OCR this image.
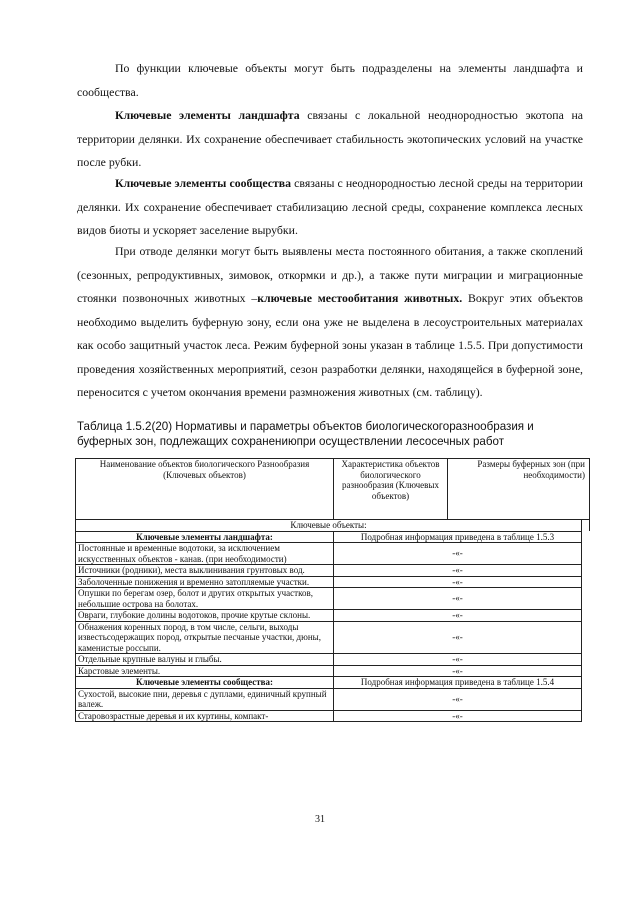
По функции ключевые объекты могут быть подразделены на элементы ландшафта и сообщества.

Ключевые элементы ландшафта связаны с локальной неоднородностью экотопа на территории делянки. Их сохранение обеспечивает стабильность экотопических условий на участке после рубки.

Ключевые элементы сообщества связаны с неоднородностью лесной среды на территории делянки. Их сохранение обеспечивает стабилизацию лесной среды, сохранение комплекса лесных видов биоты и ускоряет заселение вырубки.

При отводе делянки могут быть выявлены места постоянного обитания, а также скоплений (сезонных, репродуктивных, зимовок, откормки и др.), а также пути миграции и миграционные стоянки позвоночных животных –ключевые местообитания животных. Вокруг этих объектов необходимо выделить буферную зону, если она уже не выделена в лесоустроительных материалах как особо защитный участок леса. Режим буферной зоны указан в таблице 1.5.5. При допустимости проведения хозяйственных мероприятий, сезон разработки делянки, находящейся в буферной зоне, переносится с учетом окончания времени размножения животных (см. таблицу).

Таблица 1.5.2(20) Нормативы и параметры объектов биологическогоразнообразия и буферных зон, подлежащих сохранениюпри осуществлении лесосечных работ

Наименование объектов биологического Разнообразия (Ключевых объектов)	Характеристика объектов биологического разнообразия (Ключевых объектов)	Размеры буферных зон (при необходимости)	
Ключевые объекты:			
Ключевые элементы ландшафта:	Подробная информация приведена в таблице 1.5.3		
Постоянные и временные водотоки, за исключением искусственных объектов - канав. (при необходимости)	-«-		
Источники (родники), места выклинивания грунтовых вод.	-«-		
Заболоченные понижения и временно затопляемые участки.	-«-		
Опушки по берегам озер, болот и других открытых участков, небольшие острова на болотах.	-«-		
Овраги, глубокие долины водотоков, прочие крутые склоны.	-«-		
Обнажения коренных пород, в том числе, сельги, выходы известьсодержащих пород, открытые песчаные участки, дюны, каменистые россыпи.	-«-		
Отдельные крупные валуны и глыбы.	-«-		
Карстовые элементы.	-«-		
Ключевые элементы сообщества:	Подробная информация приведена в таблице 1.5.4		
Сухостой, высокие пни, деревья с дуплами, единичный крупный валеж.	-«-		
Старовозрастные деревья и их куртины, компакт-	-«-		
31
